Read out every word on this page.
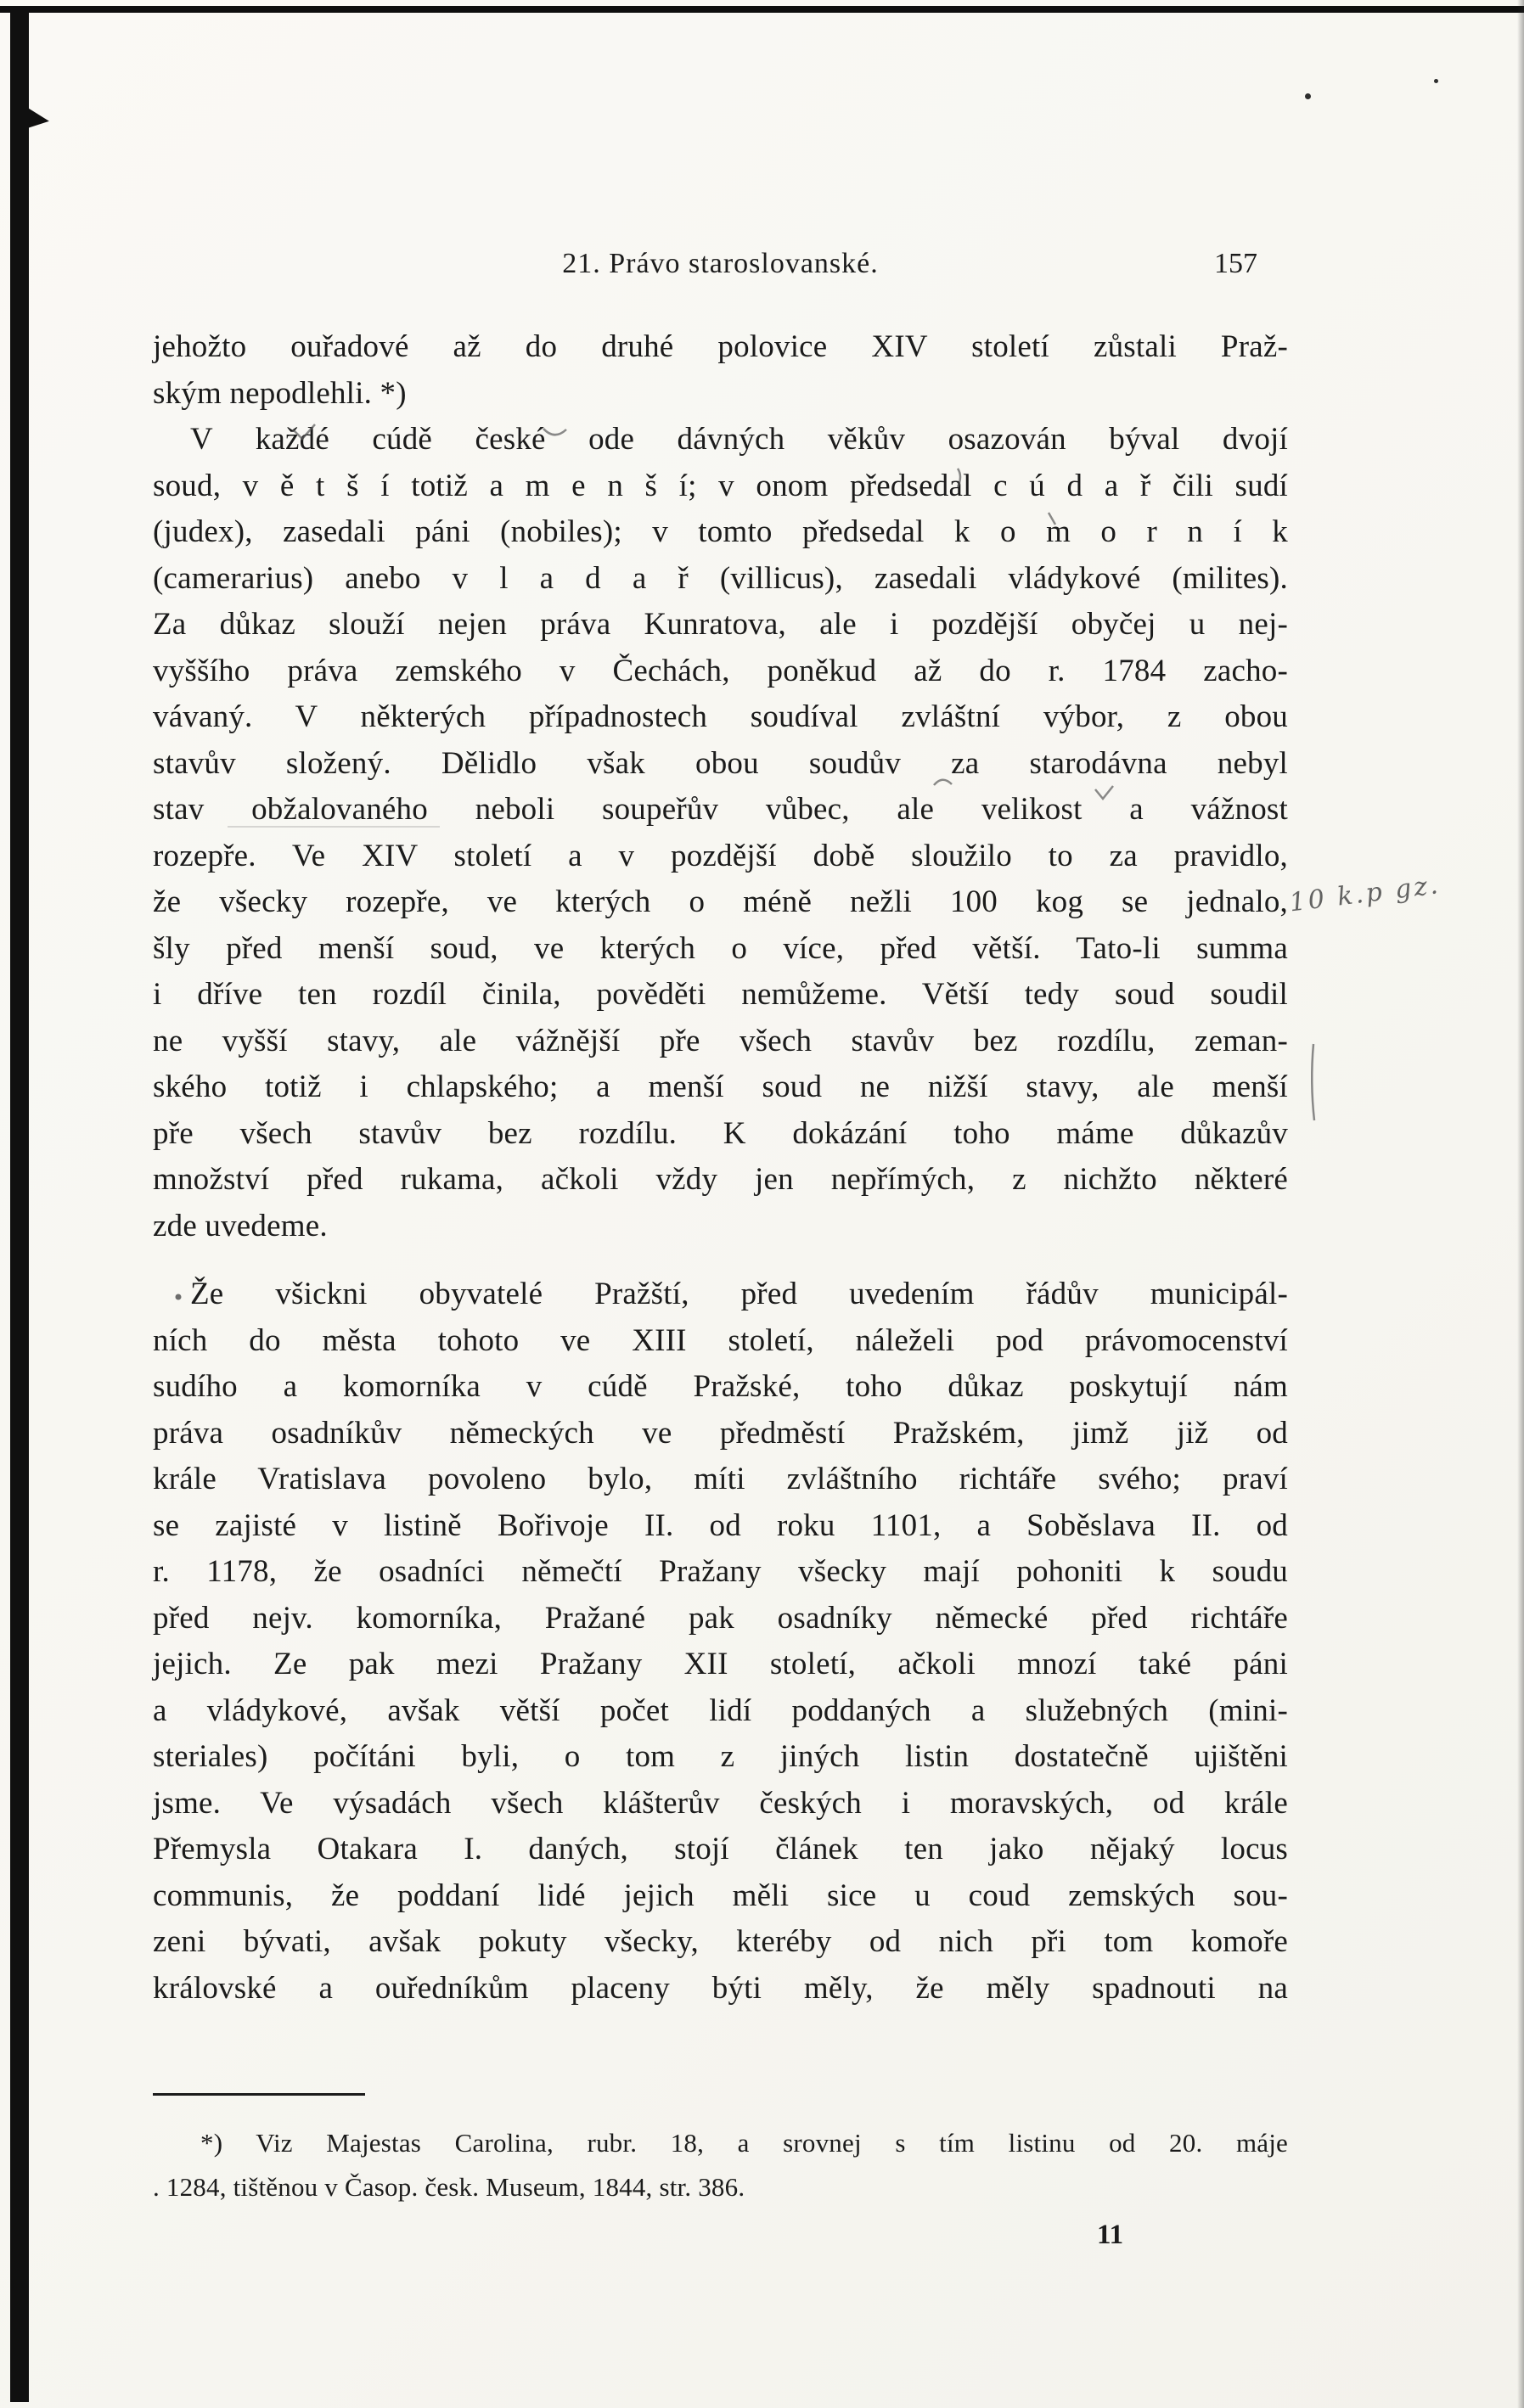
21. Právo staroslovanské.	157
jehožto ouřadové až do druhé polovice XIV století zůstali Praž-
ským nepodlehli. *)
V každé cúdě české ode dávných věkův osazován býval dvojí
soud, v ě t š í totiž a m e n š í; v onom předsedal c ú d a ř čili sudí
(judex), zasedali páni (nobiles); v tomto předsedal k o m o r n í k
(camerarius) anebo v l a d a ř (villicus), zasedali vládykové (milites).
Za důkaz slouží nejen práva Kunratova, ale i pozdější obyčej u nej-
vyššího práva zemského v Čechách, poněkud až do r. 1784 zacho-
vávaný. V některých případnostech soudíval zvláštní výbor, z obou
stavův složený. Dělidlo však obou soudův za starodávna nebyl
stav obžalovaného neboli soupeřův vůbec, ale velikost a vážnost
rozepře. Ve XIV století a v pozdější době sloužilo to za pravidlo,
že všecky rozepře, ve kterých o méně nežli 100 kog se jednalo,
šly před menší soud, ve kterých o více, před větší. Tato-li summa
i dříve ten rozdíl činila, pověděti nemůžeme. Větší tedy soud soudil
ne vyšší stavy, ale vážnější pře všech stavův bez rozdílu, zeman-
ského totiž i chlapského; a menší soud ne nižší stavy, ale menší
pře všech stavův bez rozdílu. K dokázání toho máme důkazův
množství před rukama, ačkoli vždy jen nepřímých, z nichžto některé
zde uvedeme.
Že všickni obyvatelé Pražští, před uvedením řádův municipál-
ních do města tohoto ve XIII století, náleželi pod právomocenství
sudího a komorníka v cúdě Pražské, toho důkaz poskytují nám
práva osadníkův německých ve předměstí Pražském, jimž již od
krále Vratislava povoleno bylo, míti zvláštního richtáře svého; praví
se zajisté v listině Bořivoje II. od roku 1101, a Soběslava II. od
r. 1178, že osadníci němečtí Pražany všecky mají pohoniti k soudu
před nejv. komorníka, Pražané pak osadníky německé před richtáře
jejich. Ze pak mezi Pražany XII století, ačkoli mnozí také páni
a vládykové, avšak větší počet lidí poddaných a služebných (mini-
steriales) počítáni byli, o tom z jiných listin dostatečně ujištěni
jsme. Ve výsadách všech klášterův českých i moravských, od krále
Přemysla Otakara I. daných, stojí článek ten jako nějaký locus
communis, že poddaní lidé jejich měli sice u coud zemských sou-
zeni bývati, avšak pokuty všecky, kteréby od nich při tom komoře
královské a ouředníkům placeny býti měly, že měly spadnouti na
*) Viz Majestas Carolina, rubr. 18, a srovnej s tím listinu od 20. máje
. 1284, tištěnou v Časop. česk. Museum, 1844, str. 386.
11
10 k.p gz.
